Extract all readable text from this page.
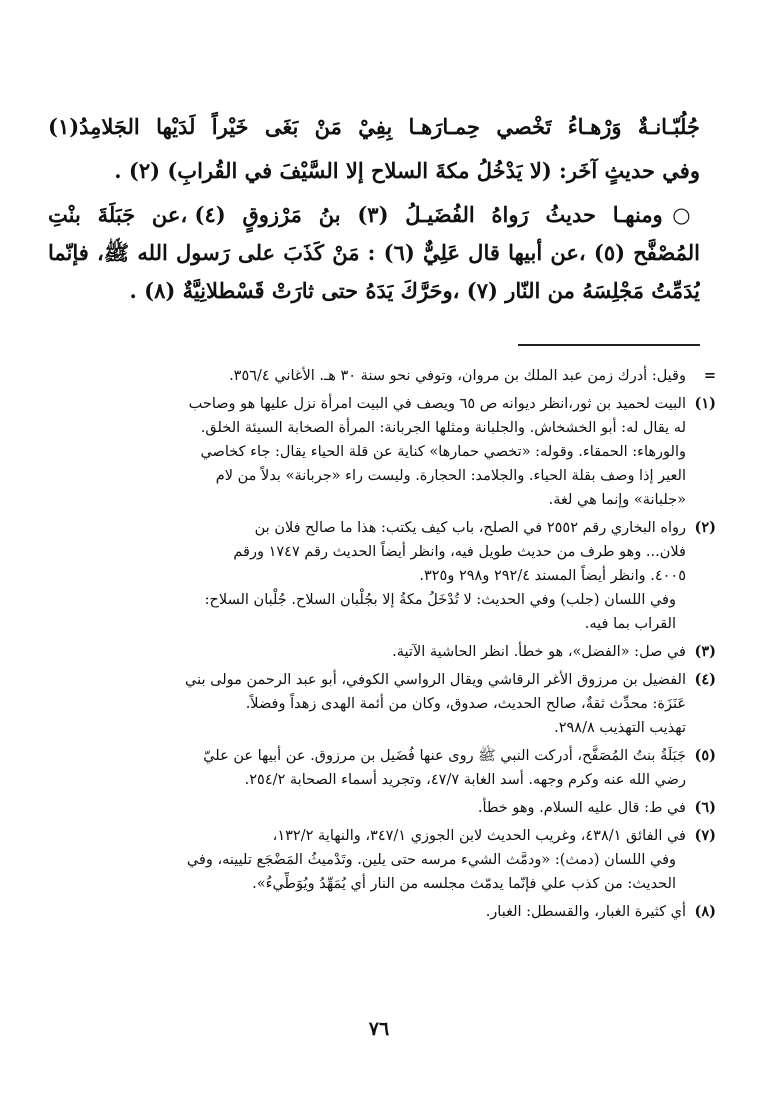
جُلُبّـانـةٌ وَرْهـاءُ تَخْصي حِمـارَهـا بِفِيْ مَنْ بَغَى خَيْراً لَدَيْها الجَلامِدُ(١)
وفي حديثٍ آخَر: (لا يَدْخُلُ مكةَ السلاح إلا السَّيْفَ في القُرابِ) (٢) .
○ومنهـا حديثُ رَواهُ الفُضَيـلُ (٣) بنُ مَرْزوقٍ (٤) ،عن جَبَلَةَ بنْتِ
المُصْفَّح (٥) ،عن أبيها قال عَلِيٌّ (٦) : مَنْ كَذَبَ على رَسول الله ﷺ، فإنّما
يُدَمِّتُ مَجْلِسَهُ من النّار (٧) ،وحَرَّكَ يَدَهُ حتى ثارَتْ قَسْطلانِيَّةٌ (٨) .
=
وقيل: أدرك زمن عبد الملك بن مروان، وتوفي نحو سنة ٣٠ هـ. الأغاني ٣٥٦/٤.
(١)
البيت لحميد بن ثور،انظر ديوانه ص ٦٥ ويصف في البيت امرأة نزل عليها هو وصاحب
له يقال له: أبو الخشخاش. والجلبانة ومثلها الجربانة: المرأة الصخابة السيئة الخلق.
والورهاء: الحمقاء. وقوله: «تخصي حمارها» كناية عن قلة الحياء يقال: جاء كخاصي
العير إذا وصف بقلة الحياء. والجلامد: الحجارة. وليست راء «جربانة» بدلاً من لام
«جلبانة» وإنما هي لغة.
(٢)
رواه البخاري رقم ٢٥٥٢ في الصلح، باب كيف يكتب: هذا ما صالح فلان بن
فلان... وهو طرف من حديث طويل فيه، وانظر أيضاً الحديث رقم ١٧٤٧ ورقم
٤٠٠٥. وانظر أيضاً المسند ٢٩٢/٤ و٢٩٨ و٣٢٥.
وفي اللسان (جلب) وفي الحديث: لا تُدْخَلُ مكةُ إلا بجُلْبان السلاح. جُلْبان السلاح:
القراب بما فيه.
(٣)
في صل: «الفضل»، هو خطأ. انظر الحاشية الآتية.
(٤)
الفضيل بن مرزوق الأغر الرقاشي ويقال الرواسي الكوفي، أبو عبد الرحمن مولى بني
عَنَزَة: محدِّث ثقةٌ، صالح الحديث، صدوق، وكان من أئمة الهدى زهداً وفضلاً.
تهذيب التهذيب ٢٩٨/٨.
(٥)
جَبَلَةُ بنتُ المُصَفَّح، أدركت النبي ﷺ روى عنها فُضَيل بن مرزوق. عن أبيها عن عليّ
رضي الله عنه وكرم وجهه. أسد الغابة ٤٧/٧، وتجريد أسماء الصحابة ٢٥٤/٢.
(٦)
في ط: قال عليه السلام. وهو خطأ.
(٧)
في الفائق ٤٣٨/١، وغريب الحديث لابن الجوزي ٣٤٧/١، والنهاية ١٣٢/٢،
وفي اللسان (دمث): «ودمَّث الشيء مرسه حتى يلين. وتَدْميثُ المَضْجَع تليينه، وفي
الحديث: من كذب علي فإنّما يدمّث مجلسه من النار أي يُمَهِّدُ ويُوَطِّيءُ».
(٨)
أي كثيرة الغبار، والقسطل: الغبار.
٧٦
